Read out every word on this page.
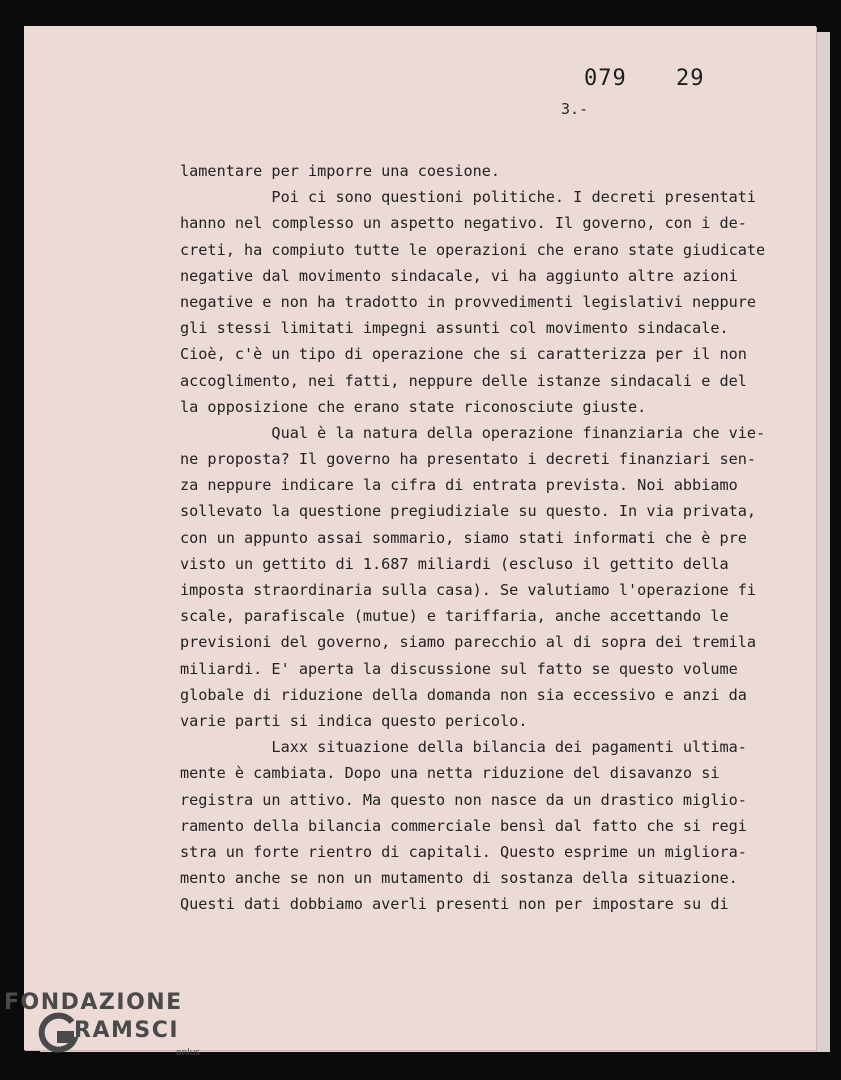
079 29
3.-
lamentare per imporre una coesione.
Poi ci sono questioni politiche. I decreti presentati
hanno nel complesso un aspetto negativo. Il governo, con i de-
creti, ha compiuto tutte le operazioni che erano state giudicate
negative dal movimento sindacale, vi ha aggiunto altre azioni
negative e non ha tradotto in provvedimenti legislativi neppure
gli stessi limitati impegni assunti col movimento sindacale.
Cioè, c'è un tipo di operazione che si caratterizza per il non
accoglimento, nei fatti, neppure delle istanze sindacali e del
la opposizione che erano state riconosciute giuste.
Qual è la natura della operazione finanziaria che vie-
ne proposta? Il governo ha presentato i decreti finanziari sen-
za neppure indicare la cifra di entrata prevista. Noi abbiamo
sollevato la questione pregiudiziale su questo. In via privata,
con un appunto assai sommario, siamo stati informati che è pre
visto un gettito di 1.687 miliardi (escluso il gettito della
imposta straordinaria sulla casa). Se valutiamo l'operazione fi
scale, parafiscale (mutue) e tariffaria, anche accettando le
previsioni del governo, siamo parecchio al di sopra dei tremila
miliardi. E' aperta la discussione sul fatto se questo volume
globale di riduzione della domanda non sia eccessivo e anzi da
varie parti si indica questo pericolo.
Laxx situazione della bilancia dei pagamenti ultima-
mente è cambiata. Dopo una netta riduzione del disavanzo si
registra un attivo. Ma questo non nasce da un drastico miglio-
ramento della bilancia commerciale bensì dal fatto che si regi
stra un forte rientro di capitali. Questo esprime un migliora-
mento anche se non un mutamento di sostanza della situazione.
Questi dati dobbiamo averli presenti non per impostare su di
FONDAZIONE
RAMSCI
onlus
